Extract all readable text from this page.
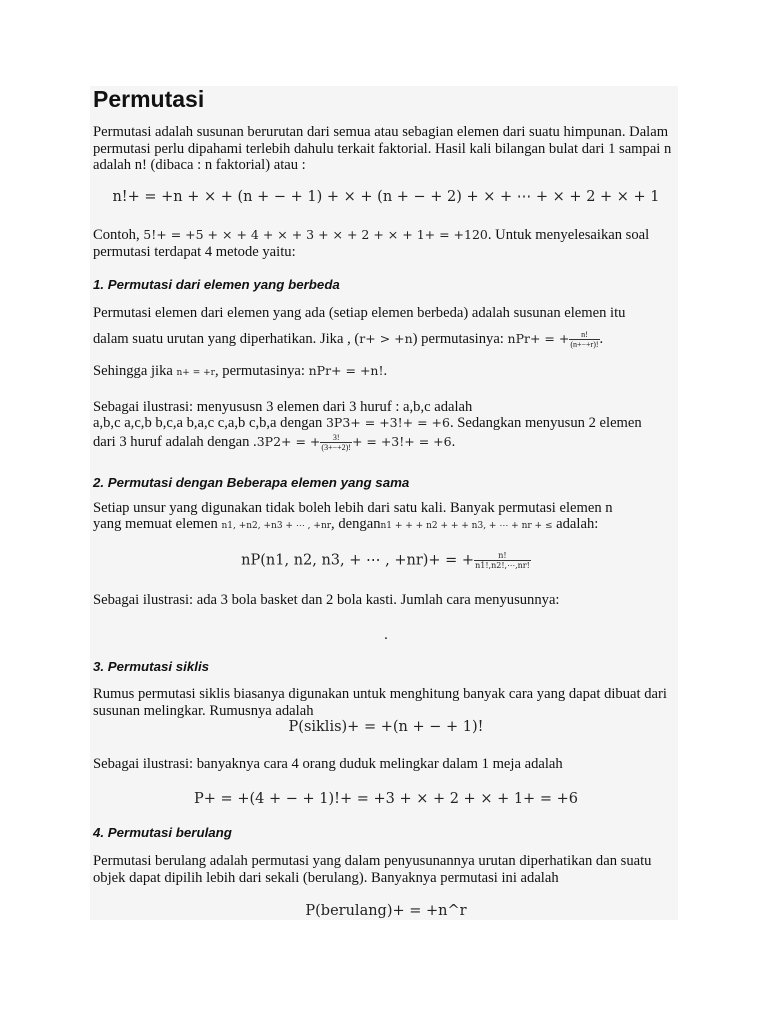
Permutasi

Permutasi adalah susunan berurutan dari semua atau sebagian elemen dari suatu himpunan. Dalam permutasi perlu dipahami terlebih dahulu terkait faktorial. Hasil kali bilangan bulat dari 1 sampai n adalah n! (dibaca : n faktorial) atau :

n!+ = +n + × + (n + − + 1) + × + (n + − + 2) + × + ⋯ + × + 2 + × + 1

Contoh, 5!+ = +5 + × + 4 + × + 3 + × + 2 + × + 1+ = +120. Untuk menyelesaikan soal permutasi terdapat 4 metode yaitu:

1. Permutasi dari elemen yang berbeda

Permutasi elemen dari elemen yang ada (setiap elemen berbeda) adalah susunan elemen itu

dalam suatu urutan yang diperhatikan. Jika , (r+ > +n) permutasinya: nPr+ = + $\frac{n!}{(n+-+r)!}$ .

Sehingga jika n+ = +r, permutasinya: nPr+ = +n!.

Sebagai ilustrasi: menyususn 3 elemen dari 3 huruf : a,b,c adalah

a,b,c a,c,b b,c,a b,a,c c,a,b c,b,a dengan 3P3+ = +3!+ = +6. Sedangkan menyusun 2 elemen

dari 3 huruf adalah dengan .3P2+ = + $\frac{3!}{(3+-+2)!}$ + = +3!+ = +6.

2. Permutasi dengan Beberapa elemen yang sama

Setiap unsur yang digunakan tidak boleh lebih dari satu kali. Banyak permutasi elemen n

yang memuat elemen n1, +n2, +n3 + ⋯ , +nr, dengann1 + + + n2 + + + n3, + ⋯ + nr + ≤ adalah:

nP(n1, n2, n3, + ⋯ , +nr)+ = + $\frac{n!}{n1!,n2!,\cdots,nr!}$

Sebagai ilustrasi: ada 3 bola basket dan 2 bola kasti. Jumlah cara menyusunnya:

.
3. Permutasi siklis

Rumus permutasi siklis biasanya digunakan untuk menghitung banyak cara yang dapat dibuat dari susunan melingkar. Rumusnya adalah

P(siklis)+ = +(n + − + 1)!

Sebagai ilustrasi: banyaknya cara 4 orang duduk melingkar dalam 1 meja adalah

P+ = +(4 + − + 1)!+ = +3 + × + 2 + × + 1+ = +6
4. Permutasi berulang

Permutasi berulang adalah permutasi yang dalam penyusunannya urutan diperhatikan dan suatu objek dapat dipilih lebih dari sekali (berulang). Banyaknya permutasi ini adalah

P(berulang)+ = +n^r
